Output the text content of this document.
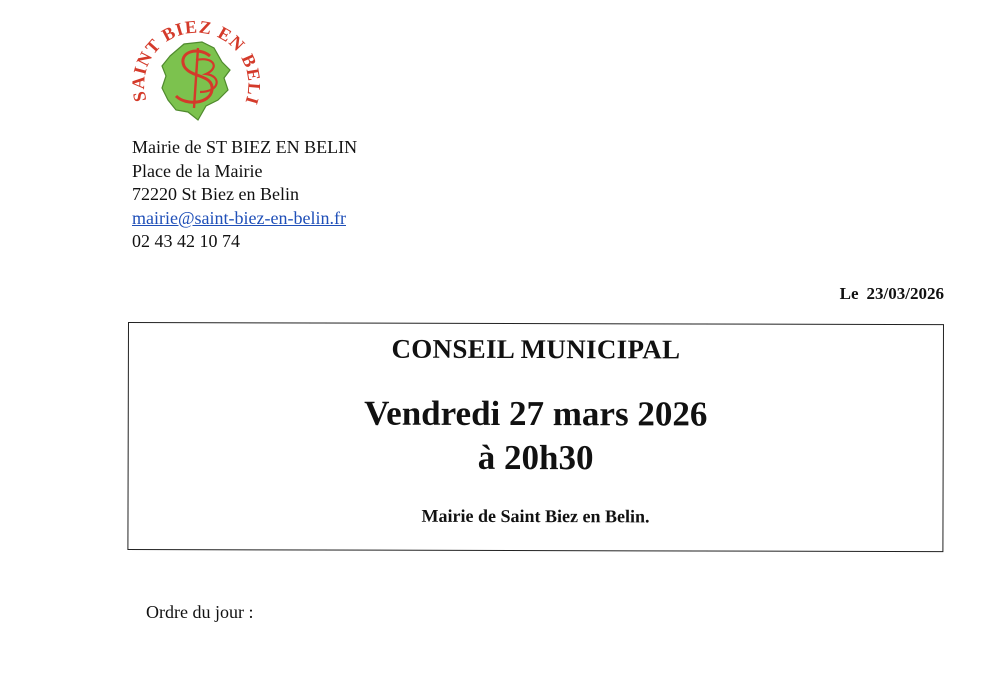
SAINT BIEZ EN B
Mairie de ST BIEZ EN BELIN
Place de la Mairie
72220 St Biez en Belin
mairie@saint-biez-en-belin.fr
02 43 42 10 74
Le 23/03/2026
CONSEIL MUNICIPAL
Vendredi 27 mars 2026
à 20h30
Mairie de Saint Biez en Belin.
Ordre du jour :
